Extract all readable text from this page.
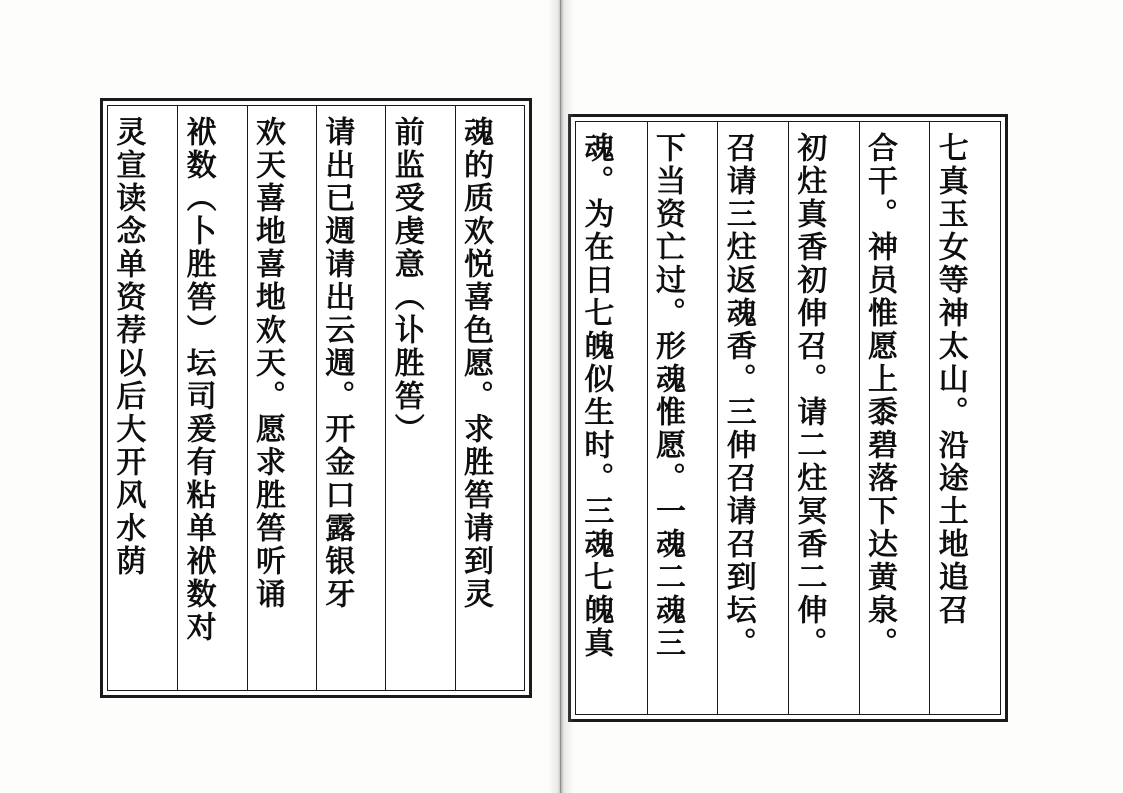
魂的质欢悦喜色愿。求胜筶请到灵
前监受虔意（讣胜筶）
请出已週请出云週。开金口露银牙
欢天喜地喜地欢天。愿求胜筶听诵
袱数（卜胜筶）坛司爰有粘单袱数对
灵宣读念单资荐以后大开风水荫	七真玉女等神太山。沿途土地追召
合干。神员惟愿上黍碧落下达黄泉。
初炷真香初伸召。请二炷冥香二伸。
召请三炷返魂香。三伸召请召到坛。
下当资亡过。形魂惟愿。一魂二魂三
魂。为在日七魄似生时。三魂七魄真
